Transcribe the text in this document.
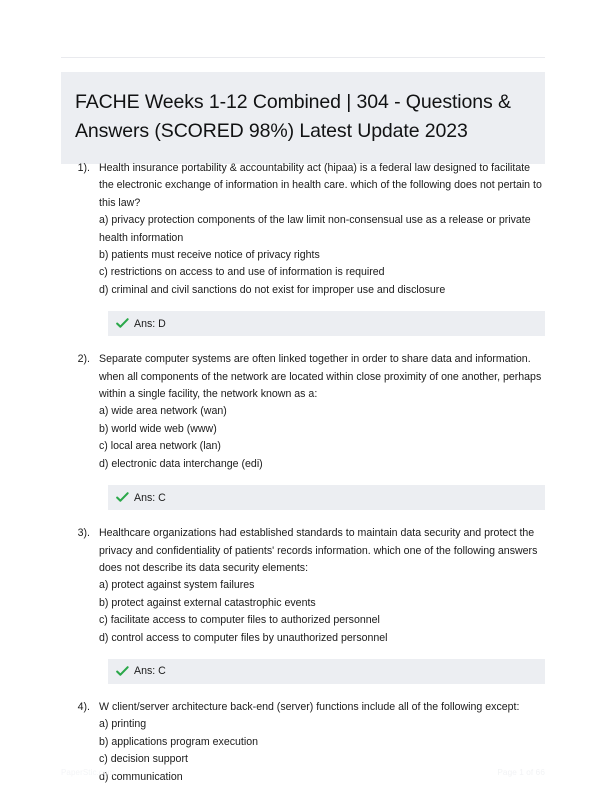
FACHE Weeks 1-12 Combined | 304 - Questions & Answers (SCORED 98%) Latest Update 2023
1). Health insurance portability & accountability act (hipaa) is a federal law designed to facilitate the electronic exchange of information in health care. which of the following does not pertain to this law?

a) privacy protection components of the law limit non-consensual use as a release or private health information

b) patients must receive notice of privacy rights

c) restrictions on access to and use of information is required

d) criminal and civil sanctions do not exist for improper use and disclosure

Ans: D
2). Separate computer systems are often linked together in order to share data and information. when all components of the network are located within close proximity of one another, perhaps within a single facility, the network known as a:

a) wide area network (wan)

b) world wide web (www)

c) local area network (lan)

d) electronic data interchange (edi)

Ans: C
3). Healthcare organizations had established standards to maintain data security and protect the privacy and confidentiality of patients' records information. which one of the following answers does not describe its data security elements:

a) protect against system failures

b) protect against external catastrophic events

c) facilitate access to computer files to authorized personnel

d) control access to computer files by unauthorized personnel

Ans: C
4). W client/server architecture back-end (server) functions include all of the following except:

a) printing

b) applications program execution

c) decision support

d) communication

PaperStic.com	Page 1 of 66
